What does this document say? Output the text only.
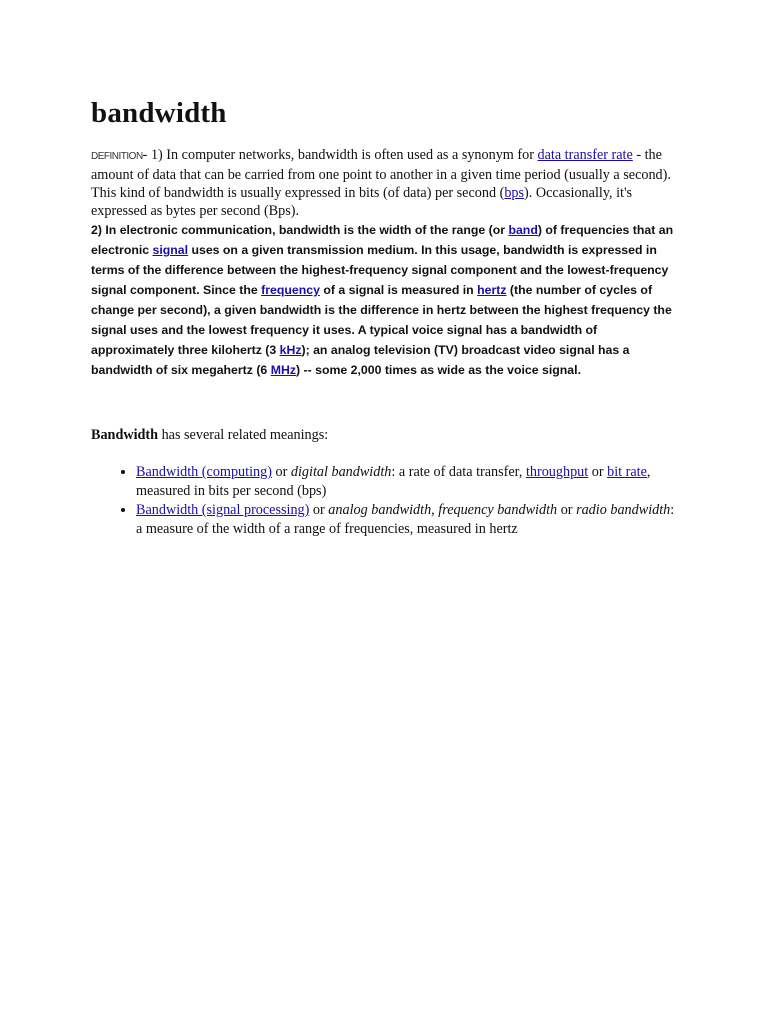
bandwidth
DEFINITION- 1) In computer networks, bandwidth is often used as a synonym for data transfer rate - the amount of data that can be carried from one point to another in a given time period (usually a second). This kind of bandwidth is usually expressed in bits (of data) per second (bps). Occasionally, it's expressed as bytes per second (Bps).

2) In electronic communication, bandwidth is the width of the range (or band) of frequencies that an electronic signal uses on a given transmission medium. In this usage, bandwidth is expressed in terms of the difference between the highest-frequency signal component and the lowest-frequency signal component. Since the frequency of a signal is measured in hertz (the number of cycles of change per second), a given bandwidth is the difference in hertz between the highest frequency the signal uses and the lowest frequency it uses. A typical voice signal has a bandwidth of approximately three kilohertz (3 kHz); an analog television (TV) broadcast video signal has a bandwidth of six megahertz (6 MHz) -- some 2,000 times as wide as the voice signal.

Bandwidth has several related meanings:
• Bandwidth (computing) or digital bandwidth: a rate of data transfer, throughput or bit rate, measured in bits per second (bps)
• Bandwidth (signal processing) or analog bandwidth, frequency bandwidth or radio bandwidth: a measure of the width of a range of frequencies, measured in hertz
